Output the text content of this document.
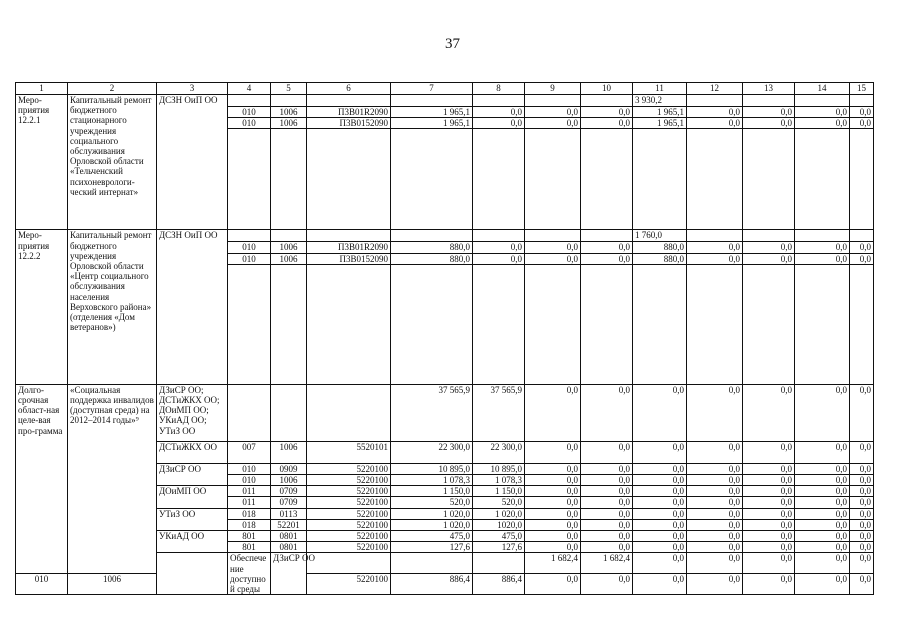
37
1	2	3	4	5	6	7	8	9	10	11	12	13	14	15	
Меро-приятия 12.2.1	Капитальный ремонт бюджетного стационарного учреждения социального обслуживания Орловской области «Тельченский психоневрологи-ческий интернат»	ДСЗН ОиП ОО								3 930,2					
			010	1006	П3В01R2090	1 965,1	0,0	0,0	0,0	1 965,1	0,0	0,0	0,0	0,0	
			010	1006	П3В0152090	1 965,1	0,0	0,0	0,0	1 965,1	0,0	0,0	0,0	0,0	

Меро-приятия 12.2.2	Капитальный ремонт бюджетного учреждения Орловской области «Центр социального обслуживания населения Верховского района» (отделения «Дом ветеранов»)	ДСЗН ОиП ОО								1 760,0					
			010	1006	П3В01R2090	880,0	0,0	0,0	0,0	880,0	0,0	0,0	0,0	0,0	
			010	1006	П3В0152090	880,0	0,0	0,0	0,0	880,0	0,0	0,0	0,0	0,0	

Долго-срочная област-ная целе-вая про-грамма	«Социальная поддержка инвалидов (доступная среда) на 2012–2014 годы»⁹	ДЗиСР ОО; ДСТиЖКХ ОО; ДОиМП ОО; УКиАД ОО; УТиЗ ОО				37 565,9	37 565,9	0,0	0,0	0,0	0,0	0,0	0,0	0,0	
		ДСТиЖКХ ОО	007	1006	5520101	22 300,0	22 300,0	0,0	0,0	0,0	0,0	0,0	0,0	0,0	
		ДЗиСР ОО	010	0909	5220100	10 895,0	10 895,0	0,0	0,0	0,0	0,0	0,0	0,0	0,0	
			010	1006	5220100	1 078,3	1 078,3	0,0	0,0	0,0	0,0	0,0	0,0	0,0	
		ДОиМП ОО	011	0709	5220100	1 150,0	1 150,0	0,0	0,0	0,0	0,0	0,0	0,0	0,0	
			011	0709	5220100	520,0	520,0	0,0	0,0	0,0	0,0	0,0	0,0	0,0	
		УТиЗ ОО	018	0113	5220100	1 020,0	1 020,0	0,0	0,0	0,0	0,0	0,0	0,0	0,0	
			018	52201	5220100	1 020,0	1020,0	0,0	0,0	0,0	0,0	0,0	0,0	0,0	
		УКиАД ОО	801	0801	5220100	475,0	475,0	0,0	0,0	0,0	0,0	0,0	0,0	0,0	
			801	0801	5220100	127,6	127,6	0,0	0,0	0,0	0,0	0,0	0,0	0,0	
			Обеспечение доступной среды	ДЗиСР ОО				1 682,4	1 682,4	0,0	0,0	0,0	0,0	0,0		
010	1006				5220100	886,4	886,4	0,0	0,0	0,0	0,0	0,0	0,0	0,0	
